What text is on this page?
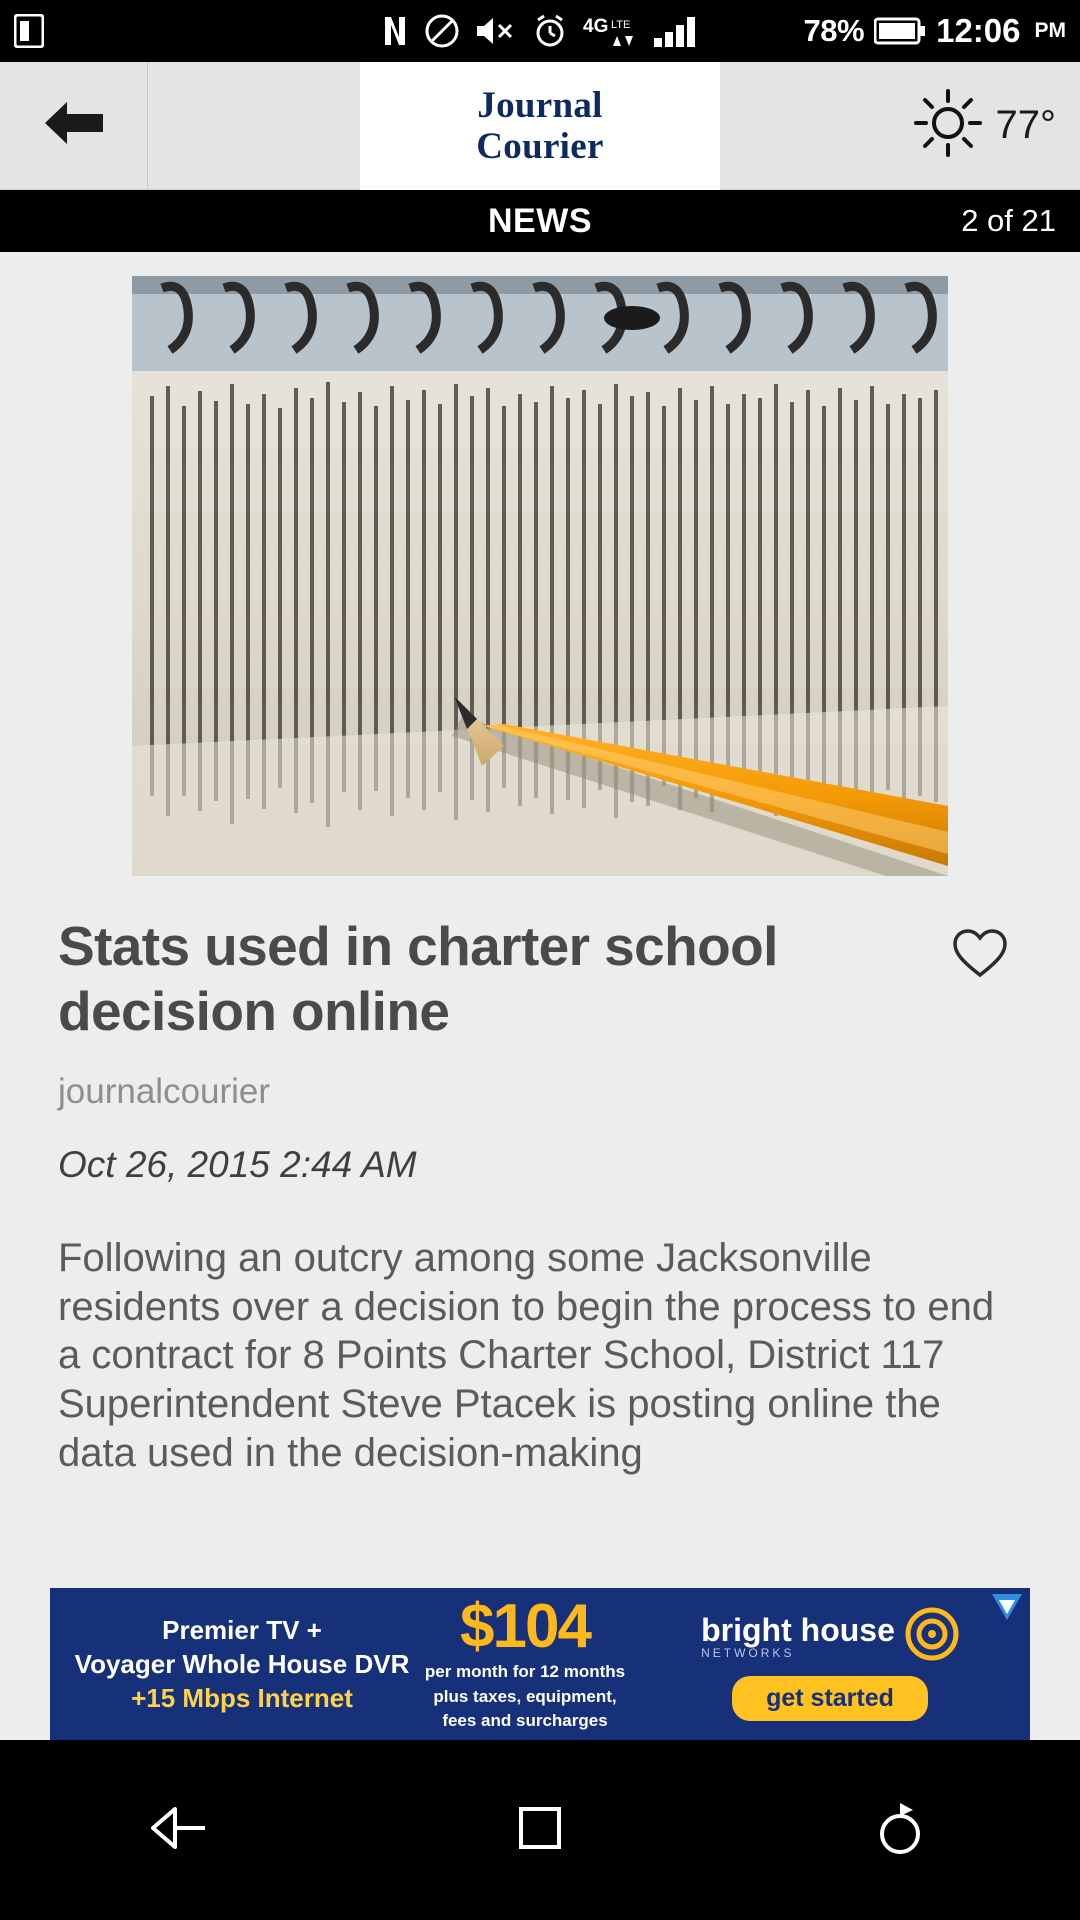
4G LTE	78% 12:06 PM
Journal
Courier	77°
NEWS	2 of 21
Stats used in charter school decision online
journalcourier
Oct 26, 2015 2:44 AM
Following an outcry among some Jacksonville residents over a decision to begin the process to end a contract for 8 Points Charter School, District 117 Superintendent Steve Ptacek is posting online the data used in the decision-making
Premier TV +
Voyager Whole House DVR
+15 Mbps Internet
$104
per month for 12 months
plus taxes, equipment,
fees and surcharges
bright house
NETWORKS
get started
